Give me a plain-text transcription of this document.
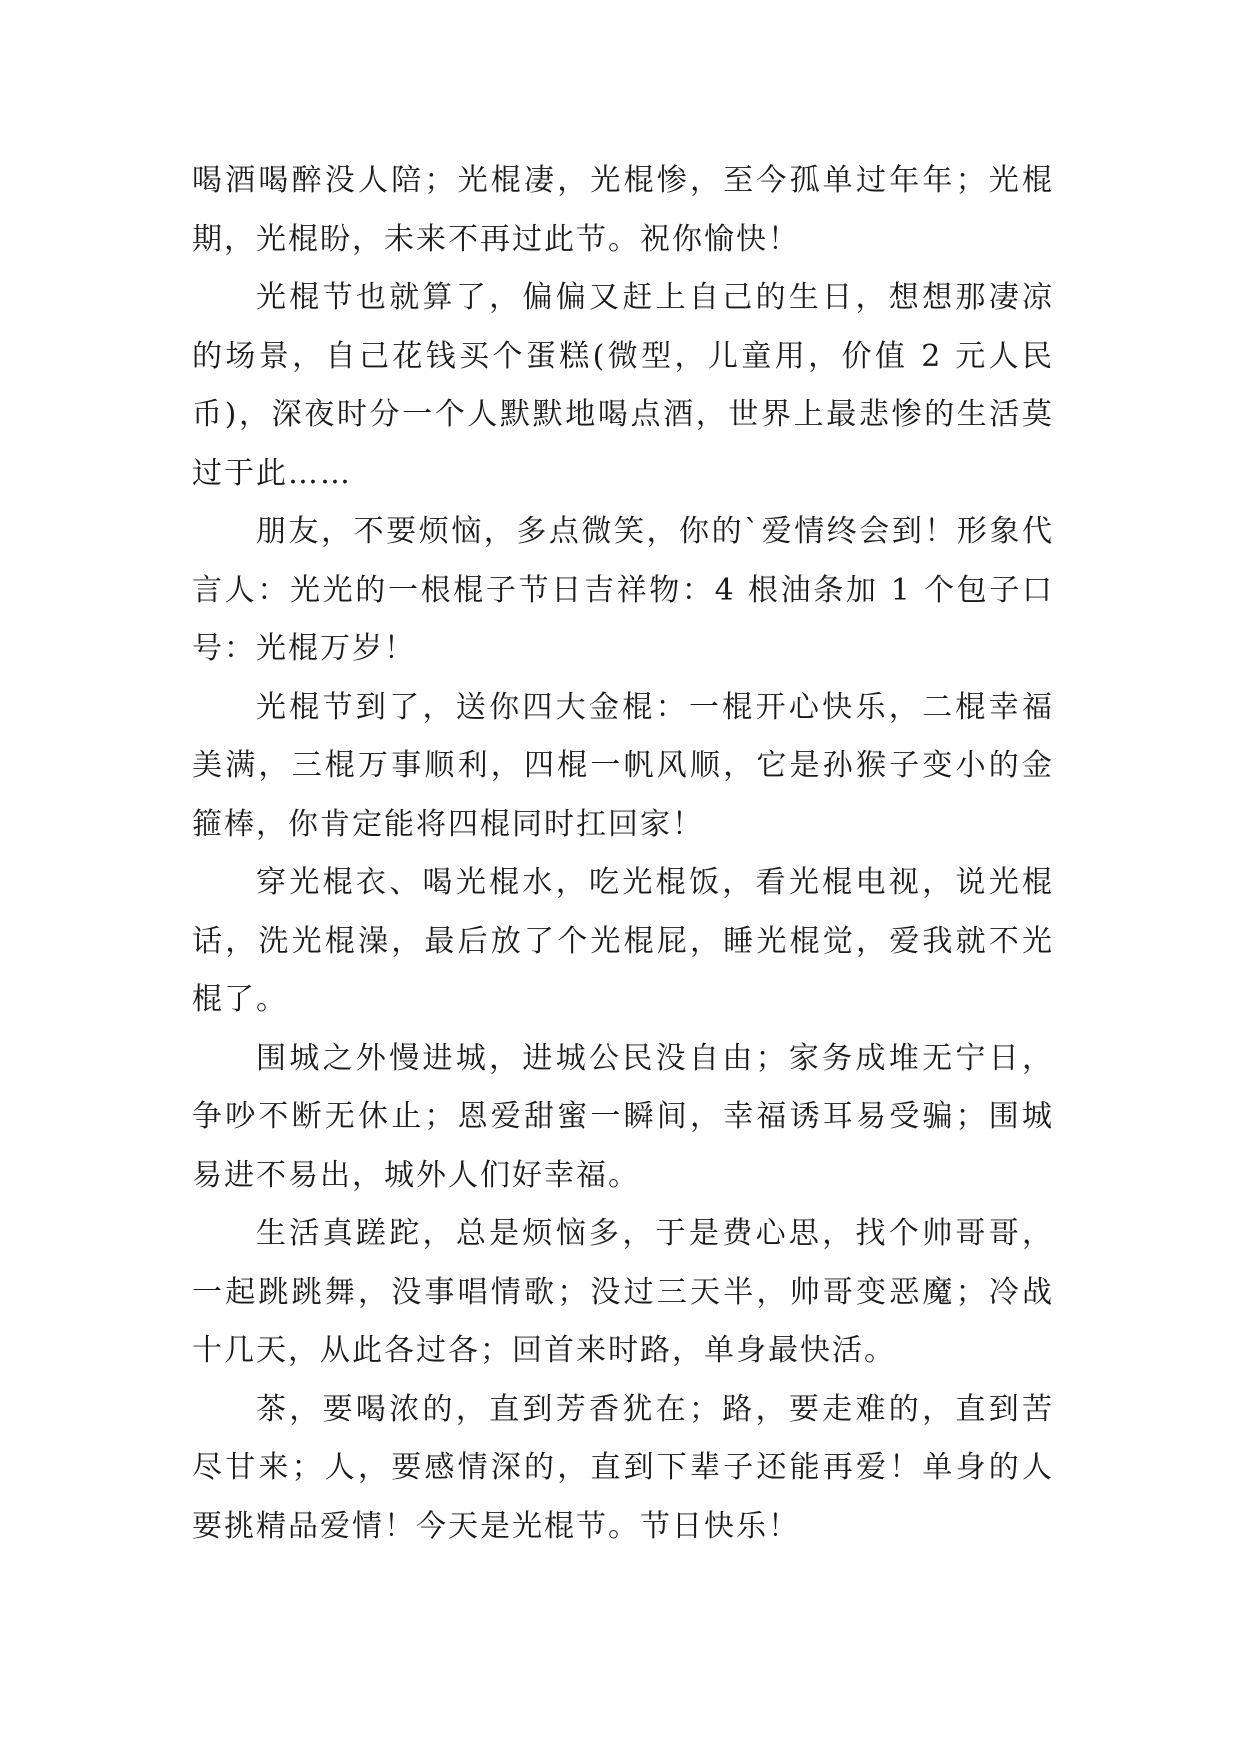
喝酒喝醉没人陪；光棍凄，光棍惨，至今孤单过年年；光棍期，光棍盼，未来不再过此节。祝你愉快！

光棍节也就算了，偏偏又赶上自己的生日，想想那凄凉的场景，自己花钱买个蛋糕(微型，儿童用，价值 2 元人民币)，深夜时分一个人默默地喝点酒，世界上最悲惨的生活莫过于此……

朋友，不要烦恼，多点微笑，你的`爱情终会到！形象代言人：光光的一根棍子节日吉祥物：4 根油条加 1 个包子口号：光棍万岁！

光棍节到了，送你四大金棍：一棍开心快乐，二棍幸福美满，三棍万事顺利，四棍一帆风顺，它是孙猴子变小的金箍棒，你肯定能将四棍同时扛回家！

穿光棍衣、喝光棍水，吃光棍饭，看光棍电视，说光棍话，洗光棍澡，最后放了个光棍屁，睡光棍觉，爱我就不光棍了。

围城之外慢进城，进城公民没自由；家务成堆无宁日，争吵不断无休止；恩爱甜蜜一瞬间，幸福诱耳易受骗；围城易进不易出，城外人们好幸福。

生活真蹉跎，总是烦恼多，于是费心思，找个帅哥哥，一起跳跳舞，没事唱情歌；没过三天半，帅哥变恶魔；冷战十几天，从此各过各；回首来时路，单身最快活。

茶，要喝浓的，直到芳香犹在；路，要走难的，直到苦尽甘来；人，要感情深的，直到下辈子还能再爱！单身的人要挑精品爱情！今天是光棍节。节日快乐！
